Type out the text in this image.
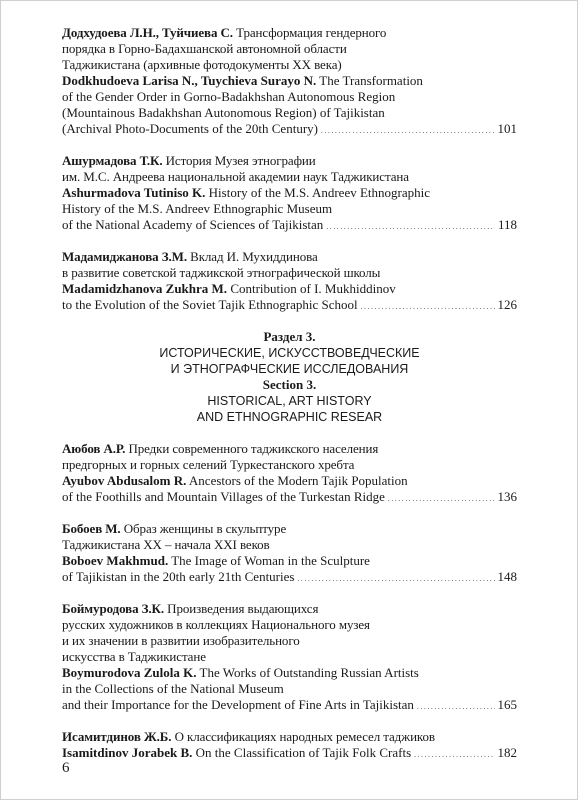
Додхудоева Л.Н., Туйчиева С. Трансформация гендерного
порядка в Горно-Бадахшанской автономной области
Таджикистана (архивные фотодокументы XX века)
Dodkhudoeva Larisa N., Tuychieva Surayo N. The Transformation
of the Gender Order in Gorno-Badakhshan Autonomous Region
(Mountainous Badakhshan Autonomous Region) of Tajikistan
(Archival Photo-Documents of the 20th Century) . . .	101
Ашурмадова Т.К. История Музея этнографии
им. М.С. Андреева национальной академии наук Таджикистана
Ashurmadova Tutiniso K. History of the M.S. Andreev Ethnographic
History of the M.S. Andreev Ethnographic Museum
of the National Academy of Sciences of Tajikistan . . .	118
Мадамиджанова З.М. Вклад И. Мухиддинова
в развитие советской таджикской этнографической школы
Madamidzhanova Zukhra M. Contribution of I. Mukhiddinov
to the Evolution of the Soviet Tajik Ethnographic School . . .	126
Раздел 3.
ИСТОРИЧЕСКИЕ, ИСКУССТВОВЕДЧЕСКИЕ
И ЭТНОГРАФЧЕСКИЕ ИССЛЕДОВАНИЯ
Section 3.
HISTORICAL, ART HISTORY
AND ETHNOGRAPHIC RESEAR
Аюбов А.Р. Предки современного таджикского населения
предгорных и горных селений Туркестанского хребта
Ayubov Abdusalom R. Ancestors of the Modern Tajik Population
of the Foothills and Mountain Villages of the Turkestan Ridge . . .	136
Бобоев М. Образ женщины в скульптуре
Таджикистана XX – начала XXI веков
Boboev Makhmud. The Image of Woman in the Sculpture
of Tajikistan in the 20th early 21th Centuries . . .	148
Боймуродова З.К. Произведения выдающихся
русских художников в коллекциях Национального музея
и их значении в развитии изобразительного
искусства в Таджикистане
Boymurodova Zulola K. The Works of Outstanding Russian Artists
in the Collections of the National Museum
and their Importance for the Development of Fine Arts in Tajikistan . . .	165
Исамитдинов Ж.Б. О классификациях народных ремесел таджиков
Isamitdinov Jorabek B. On the Classification of Tajik Folk Crafts . . .	182
6
